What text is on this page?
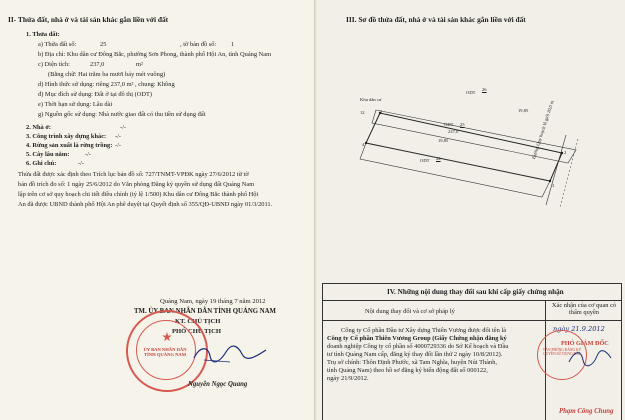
II- Thửa đất, nhà ở và tài sản khác gắn liền với đất
1. Thửa đất:
a) Thửa đất số:	25	, tờ bản đồ số: 1
b) Địa chỉ: Khu dân cư Đông Bắc, phường Sơn Phong, thành phố Hội An, tỉnh Quảng Nam
c) Diện tích:	237,0	m²
(Bằng chữ: Hai trăm ba mươi bảy mét vuông)
d) Hình thức sử dụng: riêng 237,0 m² , chung: Không
đ) Mục đích sử dụng: Đất ở tại đô thị (ODT)
e) Thời hạn sử dụng: Lâu dài
g) Nguồn gốc sử dụng: Nhà nước giao đất có thu tiền sử dụng đất
2. Nhà ở:	-/-
3. Công trình xây dựng khác: -/-
4. Rừng sản xuất là rừng trồng: -/-
5. Cây lâu năm: -/-
6. Ghi chú:	-/-
Thửa đất được xác định theo Trích lục bản đồ số: 727/TNMT-VPĐK ngày 27/6/2012 từ tờ
bản đồ trích đo số: 1 ngày 25/6/2012 do Văn phòng Đăng ký quyền sử dụng đất Quảng Nam
lập trên cơ sở quy hoạch chi tiết điều chỉnh (tỷ lệ 1/500) Khu dân cư Đông Bắc thành phố Hội
An đã được UBND thành phố Hội An phê duyệt tại Quyết định số 355/QĐ-UBND ngày 01/3/2011.
Quảng Nam, ngày 19 tháng 7 năm 2012
TM. ỦY BAN NHÂN DÂN TỈNH QUẢNG NAM
KT. CHỦ TỊCH
PHÓ CHỦ TỊCH
ỦY BAN NHÂN DÂN TỈNH QUẢNG NAM
Nguyễn Ngọc Quang
III. Sơ đồ thửa đất, nhà ở và tài sản khác gắn liền với đất
ODT
26
Khu dân cư
ODT 25
237,0
ODT 24	Đường Quy hoạch lộ giới 20,0 m
19,85
19,85
12	1
2
3
4
IV. Những nội dung thay đổi sau khi cấp giấy chứng nhận
Nội dung thay đổi và cơ sở pháp lý
Xác nhận của cơ quan có thẩm quyền
Công ty Cổ phần Đầu tư Xây dựng Thiên Vương được đổi tên là
Công ty Cổ phần Thiên Vương Group (Giấy Chứng nhận đăng ký
doanh nghiệp Công ty cổ phần số 4000729336 do Sở Kế hoạch và Đầu
tư tỉnh Quảng Nam cấp, đăng ký thay đổi lần thứ 2 ngày 10/8/2012).
Trụ sở chính: Thôn Định Phước, xã Tam Nghĩa, huyện Núi Thành,
tỉnh Quảng Nam) theo hồ sơ đăng ký biến động đất số 000122,
ngày 21/9/2012.
ngày 21.9.2012
PHÓ GIÁM ĐỐC
VĂN PHÒNG ĐĂNG KÝ QUYỀN SỬ DỤNG ĐẤT
Phạm Công Chung
